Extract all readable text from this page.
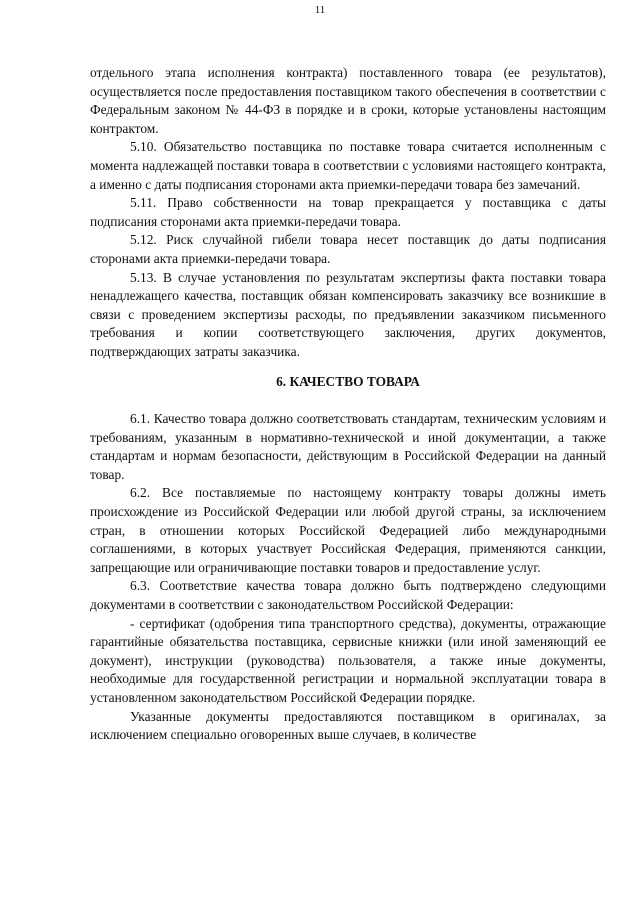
11

отдельного этапа исполнения контракта) поставленного товара (ее результатов), осуществляется после предоставления поставщиком такого обеспечения в соответствии с Федеральным законом № 44-ФЗ в порядке и в сроки, которые установлены настоящим контрактом.

5.10. Обязательство поставщика по поставке товара считается исполненным с момента надлежащей поставки товара в соответствии с условиями настоящего контракта, а именно с даты подписания сторонами акта приемки-передачи товара без замечаний.

5.11. Право собственности на товар прекращается у поставщика с даты подписания сторонами акта приемки-передачи товара.

5.12. Риск случайной гибели товара несет поставщик до даты подписания сторонами акта приемки-передачи товара.

5.13. В случае установления по результатам экспертизы факта поставки товара ненадлежащего качества, поставщик обязан компенсировать заказчику все возникшие в связи с проведением экспертизы расходы, по предъявлении заказчиком письменного требования и копии соответствующего заключения, других документов, подтверждающих затраты заказчика.

6. КАЧЕСТВО ТОВАРА

6.1. Качество товара должно соответствовать стандартам, техническим условиям и требованиям, указанным в нормативно-технической и иной документации, а также стандартам и нормам безопасности, действующим в Российской Федерации на данный товар.

6.2. Все поставляемые по настоящему контракту товары должны иметь происхождение из Российской Федерации или любой другой страны, за исключением стран, в отношении которых Российской Федерацией либо международными соглашениями, в которых участвует Российская Федерация, применяются санкции, запрещающие или ограничивающие поставки товаров и предоставление услуг.

6.3. Соответствие качества товара должно быть подтверждено следующими документами в соответствии с законодательством Российской Федерации:

- сертификат (одобрения типа транспортного средства), документы, отражающие гарантийные обязательства поставщика, сервисные книжки (или иной заменяющий ее документ), инструкции (руководства) пользователя, а также иные документы, необходимые для государственной регистрации и нормальной эксплуатации товара в установленном законодательством Российской Федерации порядке.

Указанные документы предоставляются поставщиком в оригиналах, за исключением специально оговоренных выше случаев, в количестве
